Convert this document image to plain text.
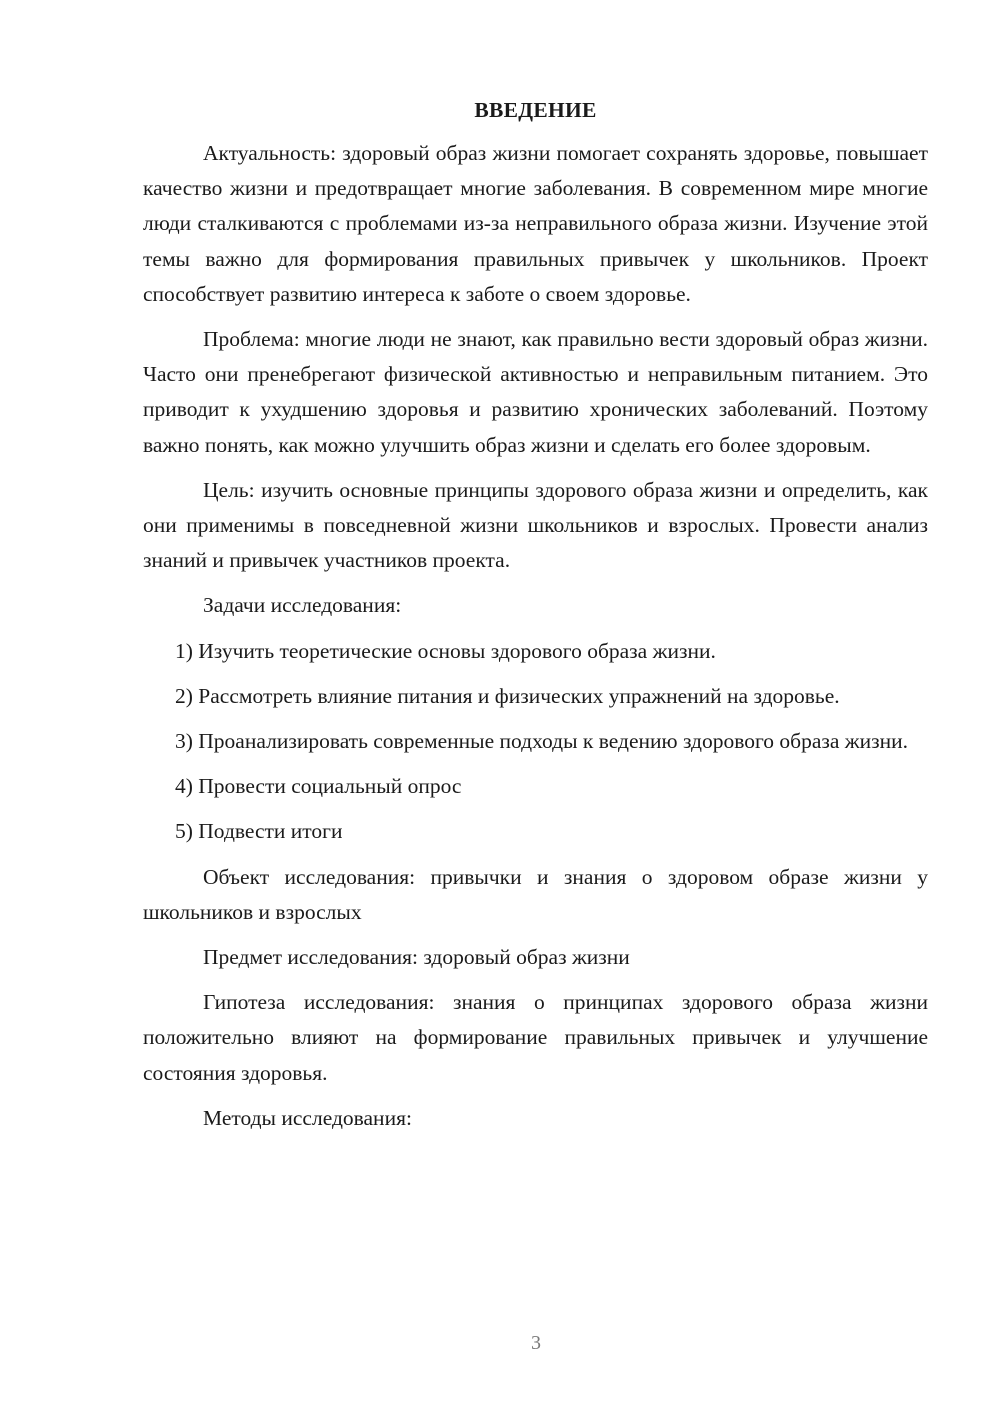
ВВЕДЕНИЕ

Актуальность: здоровый образ жизни помогает сохранять здоровье, повышает качество жизни и предотвращает многие заболевания. В современном мире многие люди сталкиваются с проблемами из-за неправильного образа жизни. Изучение этой темы важно для формирования правильных привычек у школьников. Проект способствует развитию интереса к заботе о своем здоровье.

Проблема: многие люди не знают, как правильно вести здоровый образ жизни. Часто они пренебрегают физической активностью и неправильным питанием. Это приводит к ухудшению здоровья и развитию хронических заболеваний. Поэтому важно понять, как можно улучшить образ жизни и сделать его более здоровым.

Цель: изучить основные принципы здорового образа жизни и определить, как они применимы в повседневной жизни школьников и взрослых. Провести анализ знаний и привычек участников проекта.

Задачи исследования:

1) Изучить теоретические основы здорового образа жизни.

2) Рассмотреть влияние питания и физических упражнений на здоровье.

3) Проанализировать современные подходы к ведению здорового образа жизни.

4) Провести социальный опрос

5) Подвести итоги

Объект исследования: привычки и знания о здоровом образе жизни у школьников и взрослых

Предмет исследования: здоровый образ жизни

Гипотеза исследования: знания о принципах здорового образа жизни положительно влияют на формирование правильных привычек и улучшение состояния здоровья.

Методы исследования:

3
